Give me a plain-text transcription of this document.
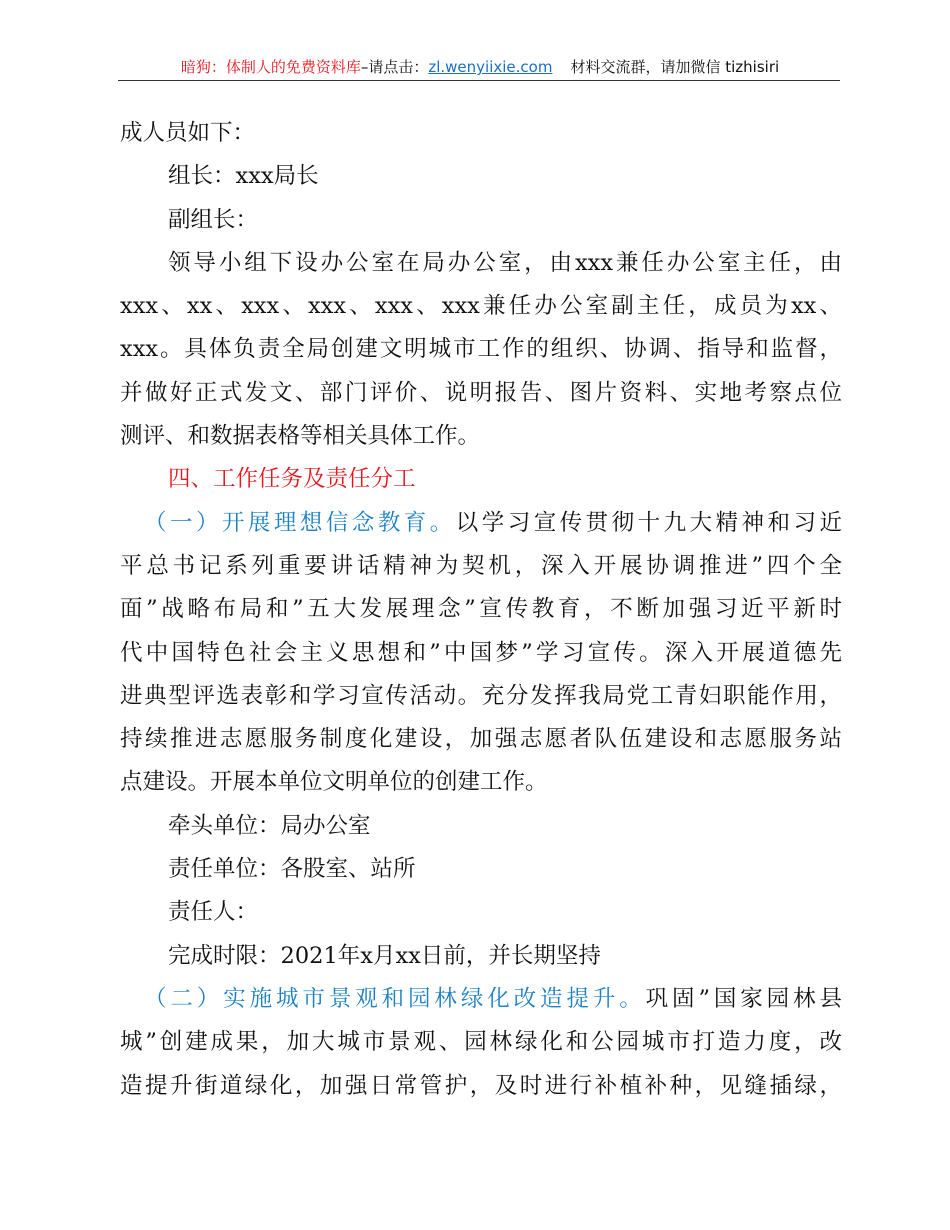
暗狗：体制人的免费资料库–请点击：zl.wenyiixie.com 材料交流群，请加微信 tizhisiri
成人员如下：
组长：xxx局长
副组长：
领导小组下设办公室在局办公室，由xxx兼任办公室主任，由
xxx、xx、xxx、xxx、xxx、xxx兼任办公室副主任，成员为xx、
xxx。具体负责全局创建文明城市工作的组织、协调、指导和监督，
并做好正式发文、部门评价、说明报告、图片资料、实地考察点位
测评、和数据表格等相关具体工作。
四、工作任务及责任分工
（一）开展理想信念教育。以学习宣传贯彻十九大精神和习近
平总书记系列重要讲话精神为契机，深入开展协调推进”四个全
面”战略布局和”五大发展理念”宣传教育，不断加强习近平新时
代中国特色社会主义思想和”中国梦”学习宣传。深入开展道德先
进典型评选表彰和学习宣传活动。充分发挥我局党工青妇职能作用，
持续推进志愿服务制度化建设，加强志愿者队伍建设和志愿服务站
点建设。开展本单位文明单位的创建工作。
牵头单位：局办公室
责任单位：各股室、站所
责任人：
完成时限：2021年x月xx日前，并长期坚持
（二）实施城市景观和园林绿化改造提升。巩固”国家园林县
城”创建成果，加大城市景观、园林绿化和公园城市打造力度，改
造提升街道绿化，加强日常管护，及时进行补植补种，见缝插绿，
